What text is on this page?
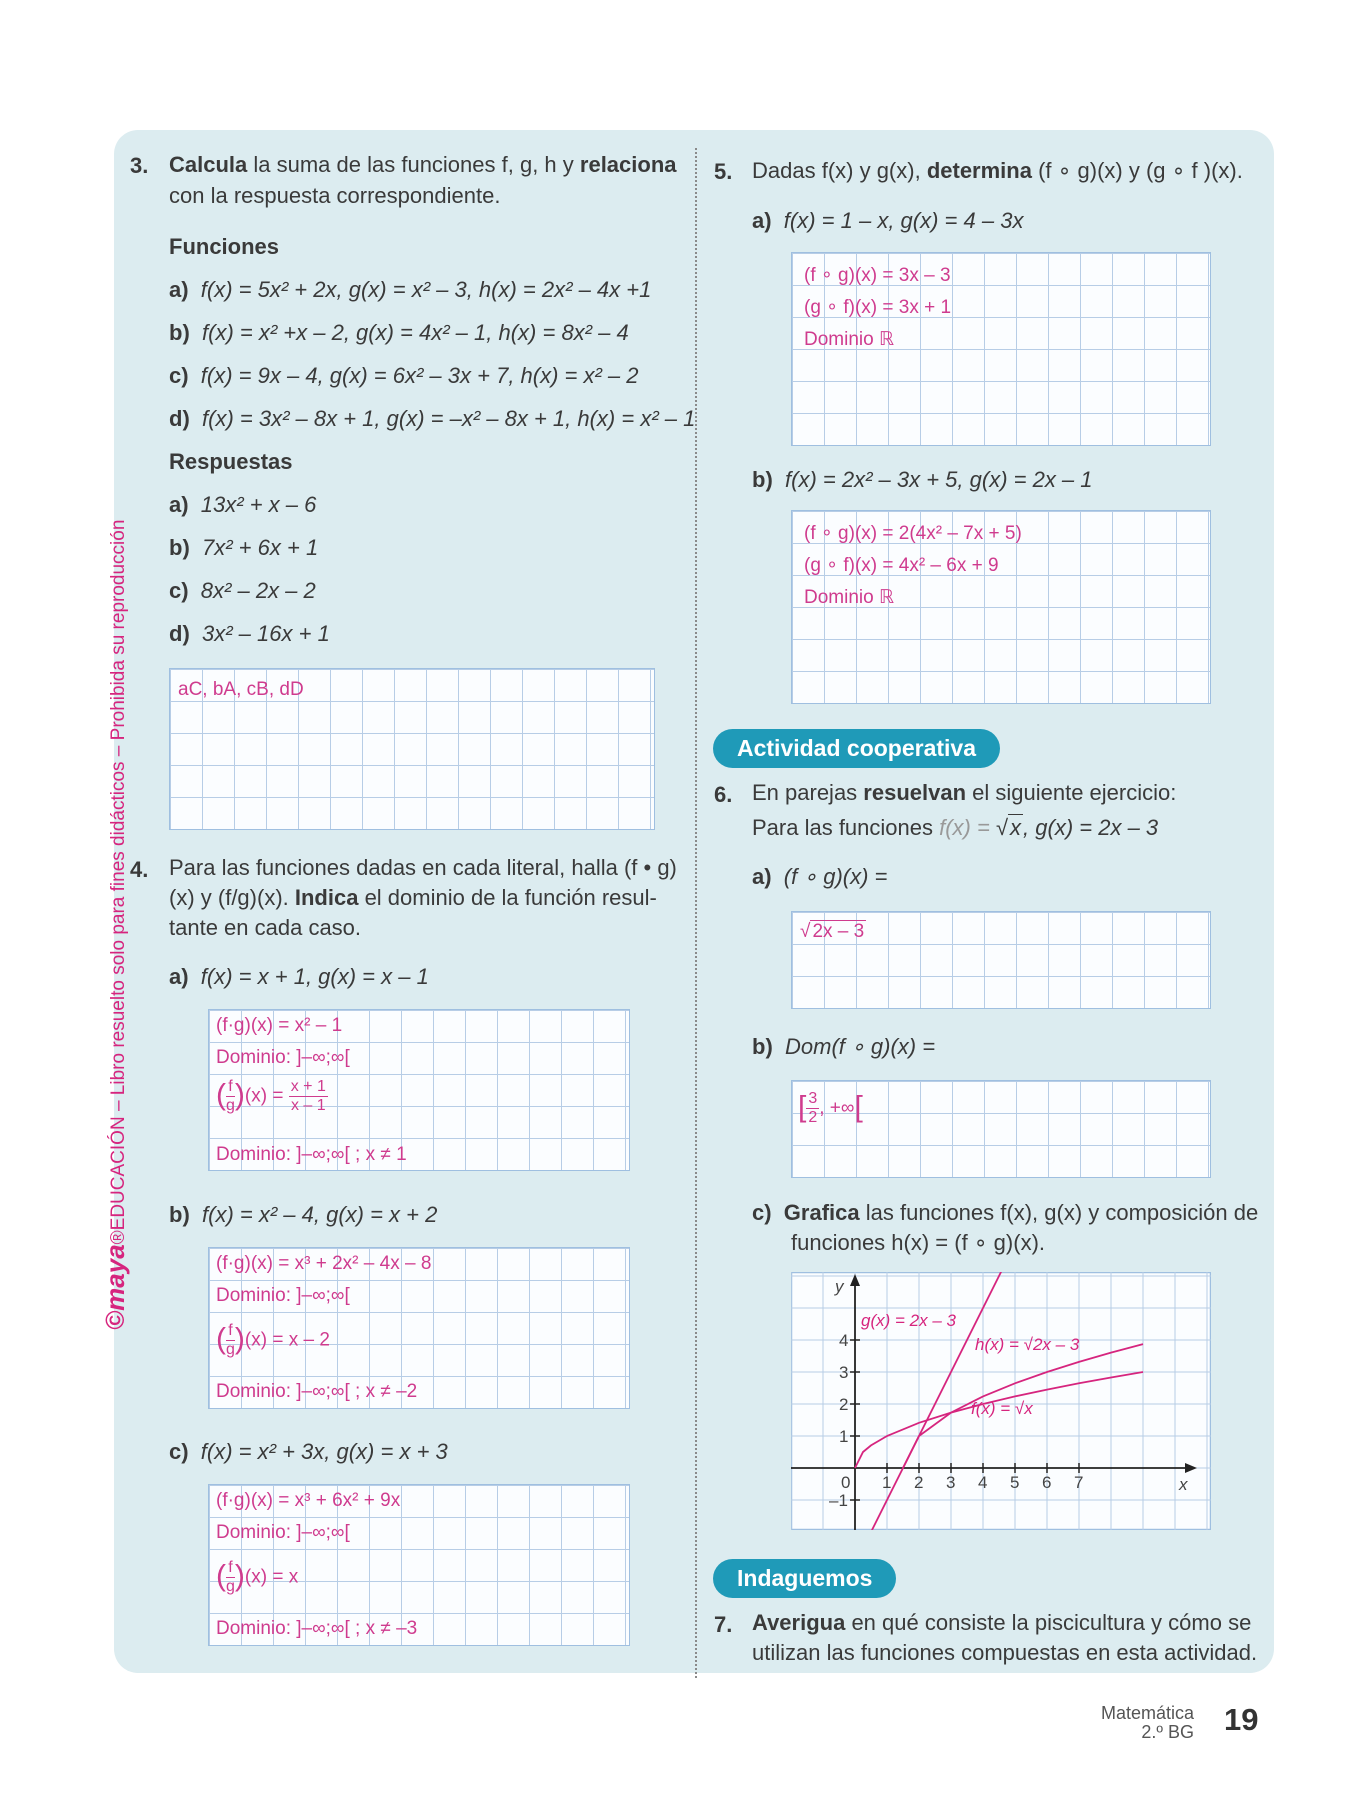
©maya®EDUCACIÓN – Libro resuelto solo para fines didácticos – Prohibida su reproducción
3. Calcula la suma de las funciones f, g, h y relaciona
con la respuesta correspondiente.
Funciones
a) f(x) = 5x² + 2x, g(x) = x² – 3, h(x) = 2x² – 4x +1
b) f(x) = x² +x – 2, g(x) = 4x² – 1, h(x) = 8x² – 4
c) f(x) = 9x – 4, g(x) = 6x² – 3x + 7, h(x) = x² – 2
d) f(x) = 3x² – 8x + 1, g(x) = –x² – 8x + 1, h(x) = x² – 1
Respuestas
a) 13x² + x – 6
b) 7x² + 6x + 1
c) 8x² – 2x – 2
d) 3x² – 16x + 1
aC, bA, cB, dD
4. Para las funciones dadas en cada literal, halla (f • g)
(x) y (f/g)(x). Indica el dominio de la función resul-
tante en cada caso.
a) f(x) = x + 1, g(x) = x – 1
(f·g)(x) = x² – 1
Dominio: ]–∞;∞[
( $\frac{f}{g} )(x) = \frac{x + 1}{x - 1}$
Dominio: ]–∞;∞[ ; x ≠ 1
b) f(x) = x² – 4, g(x) = x + 2
(f·g)(x) = x³ + 2x² – 4x – 8
Dominio: ]–∞;∞[
( $\frac{f}{g} )(x) = x - 2$
Dominio: ]–∞;∞[ ; x ≠ –2
c) f(x) = x² + 3x, g(x) = x + 3
(f·g)(x) = x³ + 6x² + 9x
Dominio: ]–∞;∞[
( $\frac{f}{g} )(x) = x$
Dominio: ]–∞;∞[ ; x ≠ –3
5. Dadas f(x) y g(x), determina (f ∘ g)(x) y (g ∘ f )(x).
a) f(x) = 1 – x, g(x) = 4 – 3x
(f ∘ g)(x) = 3x – 3
(g ∘ f)(x) = 3x + 1
Dominio ℝ
b) f(x) = 2x² – 3x + 5, g(x) = 2x – 1
(f ∘ g)(x) = 2(4x² – 7x + 5)
(g ∘ f)(x) = 4x² – 6x + 9
Dominio ℝ
Actividad cooperativa
6. En parejas resuelvan el siguiente ejercicio:
Para las funciones f(x) = √x, g(x) = 2x – 3
a) (f ∘ g)(x) =
√ 2x – 3
b) Dom(f ∘ g)(x) =
[ $\frac{3}{2}$ , +∞[
c) Grafica las funciones f(x), g(x) y composición de
funciones h(x) = (f ∘ g)(x).
0 1 2 3 4 5 6 7
–1
1
2
3
4
y
x
g(x) = 2x – 3
h(x) = √2x – 3
f(x) = √x
Indaguemos
7. Averigua en qué consiste la piscicultura y cómo se
utilizan las funciones compuestas en esta actividad.
Matemática
2.º BG 19
